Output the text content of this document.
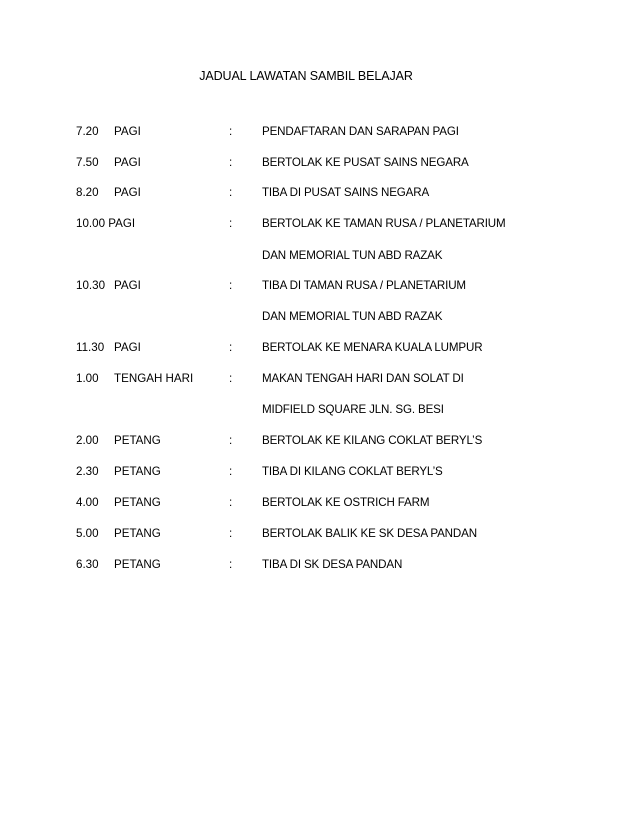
JADUAL LAWATAN SAMBIL BELAJAR
7.20 PAGI	:	PENDAFTARAN DAN SARAPAN PAGI
7.50 PAGI	:	BERTOLAK KE PUSAT SAINS NEGARA
8.20 PAGI	:	TIBA DI PUSAT SAINS NEGARA
10.00 PAGI	:	BERTOLAK KE TAMAN RUSA / PLANETARIUM
DAN MEMORIAL TUN ABD RAZAK
10.30 PAGI	:	TIBA DI TAMAN RUSA / PLANETARIUM
DAN MEMORIAL TUN ABD RAZAK
11.30 PAGI	:	BERTOLAK KE MENARA KUALA LUMPUR
1.00 TENGAH HARI	:	MAKAN TENGAH HARI DAN SOLAT DI
MIDFIELD SQUARE JLN. SG. BESI
2.00 PETANG	:	BERTOLAK KE KILANG COKLAT BERYL’S
2.30 PETANG	:	TIBA DI KILANG COKLAT BERYL’S
4.00 PETANG	:	BERTOLAK KE OSTRICH FARM
5.00 PETANG	:	BERTOLAK BALIK KE SK DESA PANDAN
6.30 PETANG	:	TIBA DI SK DESA PANDAN
